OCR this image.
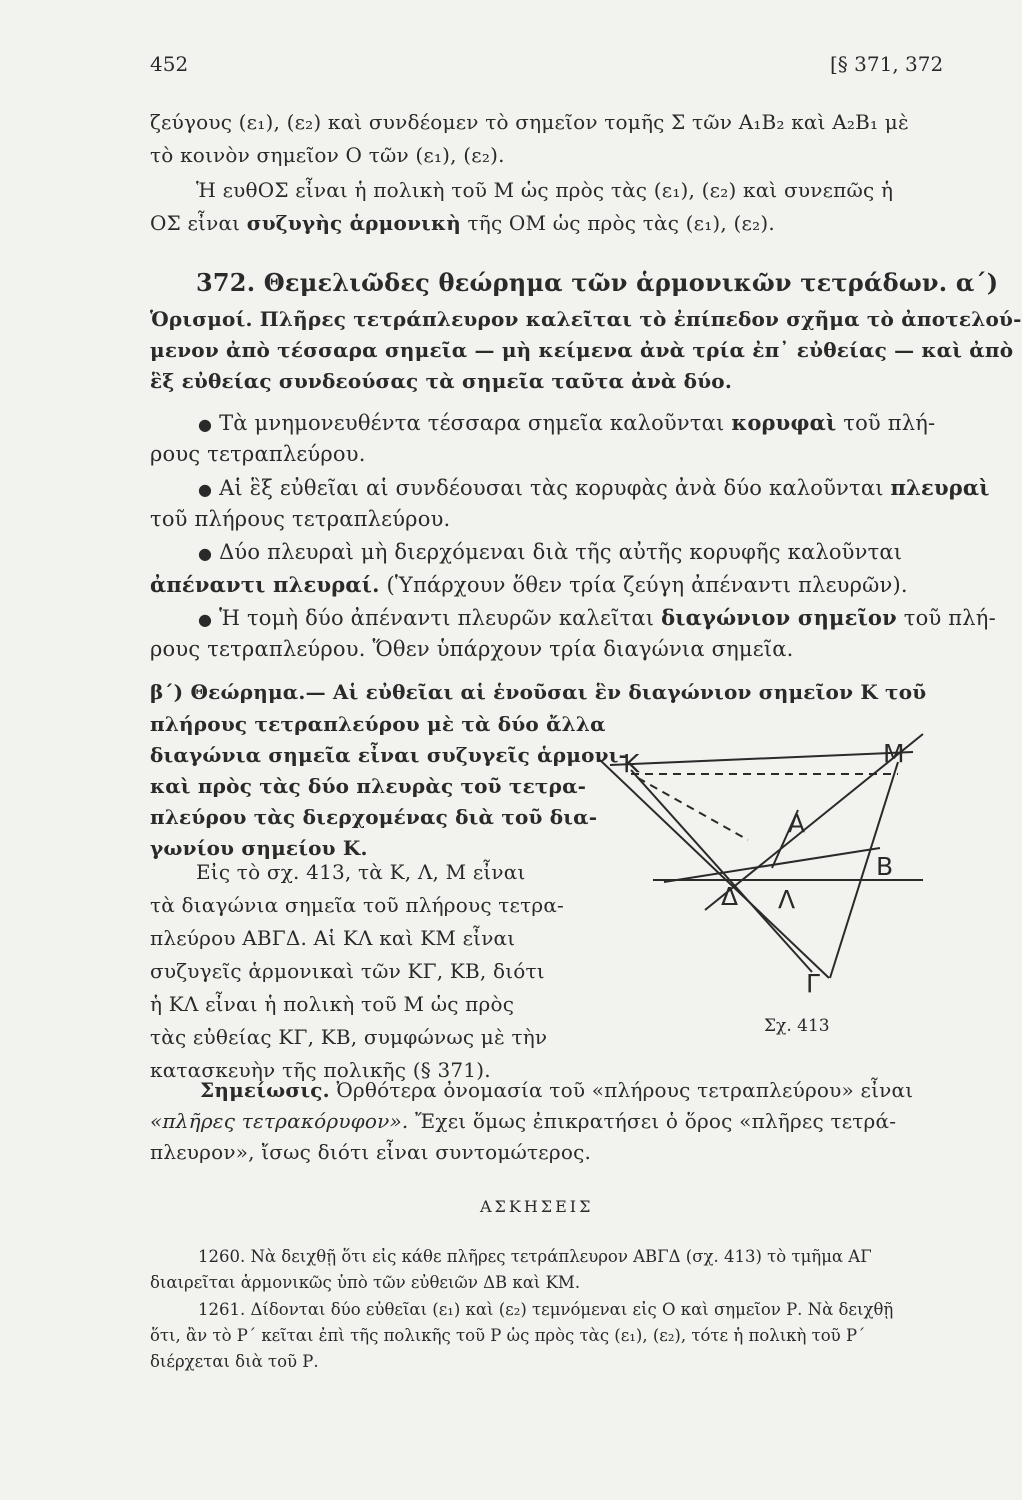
452	[§ 371, 372
ζεύγους (ε₁), (ε₂) καὶ συνδέομεν τὸ σημεῖον τομῆς Σ τῶν Α₁Β₂ καὶ Α₂Β₁ μὲ
τὸ κοινὸν σημεῖον Ο τῶν (ε₁), (ε₂).
Ἡ ευθΟΣ εἶναι ἡ πολικὴ τοῦ Μ ὡς πρὸς τὰς (ε₁), (ε₂) καὶ συνεπῶς ἡ
ΟΣ εἶναι συζυγὴς ἁρμονικὴ τῆς ΟΜ ὡς πρὸς τὰς (ε₁), (ε₂).
372. Θεμελιῶδες θεώρημα τῶν ἁρμονικῶν τετράδων. α΄)
Ὁρισμοί. Πλῆρες τετράπλευρον καλεῖται τὸ ἐπίπεδον σχῆμα τὸ ἀποτελού-
μενον ἀπὸ τέσσαρα σημεῖα — μὴ κείμενα ἀνὰ τρία ἐπ᾿ εὐθείας — καὶ ἀπὸ
ἓξ εὐθείας συνδεούσας τὰ σημεῖα ταῦτα ἀνὰ δύο.
● Τὰ μνημονευθέντα τέσσαρα σημεῖα καλοῦνται κορυφαὶ τοῦ πλή-
ρους τετραπλεύρου.
● Αἱ ἓξ εὐθεῖαι αἱ συνδέουσαι τὰς κορυφὰς ἀνὰ δύο καλοῦνται πλευραὶ
τοῦ πλήρους τετραπλεύρου.
● Δύο πλευραὶ μὴ διερχόμεναι διὰ τῆς αὐτῆς κορυφῆς καλοῦνται
ἀπέναντι πλευραί. (Ὑπάρχουν ὅθεν τρία ζεύγη ἀπέναντι πλευρῶν).
● Ἡ τομὴ δύο ἀπέναντι πλευρῶν καλεῖται διαγώνιον σημεῖον τοῦ πλή-
ρους τετραπλεύρου. Ὅθεν ὑπάρχουν τρία διαγώνια σημεῖα.
β΄) Θεώρημα.— Αἱ εὐθεῖαι αἱ ἑνοῦσαι ἓν διαγώνιον σημεῖον Κ τοῦ
πλήρους τετραπλεύρου μὲ τὰ δύο ἄλλα
διαγώνια σημεῖα εἶναι συζυγεῖς ἁρμονι-
καὶ πρὸς τὰς δύο πλευρὰς τοῦ τετρα-
πλεύρου τὰς διερχομένας διὰ τοῦ δια-
γωνίου σημείου Κ.
Εἰς τὸ σχ. 413, τὰ Κ, Λ, Μ εἶναι
τὰ διαγώνια σημεῖα τοῦ πλήρους τετρα-
πλεύρου ΑΒΓΔ. Αἱ ΚΛ καὶ ΚΜ εἶναι
συζυγεῖς ἁρμονικαὶ τῶν ΚΓ, ΚΒ, διότι
ἡ ΚΛ εἶναι ἡ πολικὴ τοῦ Μ ὡς πρὸς
τὰς εὐθείας ΚΓ, ΚΒ, συμφώνως μὲ τὴν
κατασκευὴν τῆς πολικῆς (§ 371).
Κ	Μ
Α
Β
Δ Λ
Γ
Σχ. 413
Σημείωσις. Ὀρθότερα ὀνομασία τοῦ «πλήρους τετραπλεύρου» εἶναι
«πλῆρες τετρακόρυφον». Ἔχει ὅμως ἐπικρατήσει ὁ ὅρος «πλῆρες τετρά-
πλευρον», ἴσως διότι εἶναι συντομώτερος.
ΑΣΚΗΣΕΙΣ
1260. Νὰ δειχθῇ ὅτι εἰς κάθε πλῆρες τετράπλευρον ΑΒΓΔ (σχ. 413) τὸ τμῆμα ΑΓ
διαιρεῖται ἁρμονικῶς ὑπὸ τῶν εὐθειῶν ΔΒ καὶ ΚΜ.
1261. Δίδονται δύο εὐθεῖαι (ε₁) καὶ (ε₂) τεμνόμεναι εἰς Ο καὶ σημεῖον Ρ. Νὰ δειχθῇ
ὅτι, ἂν τὸ Ρ΄ κεῖται ἐπὶ τῆς πολικῆς τοῦ Ρ ὡς πρὸς τὰς (ε₁), (ε₂), τότε ἡ πολικὴ τοῦ Ρ΄
διέρχεται διὰ τοῦ Ρ.
